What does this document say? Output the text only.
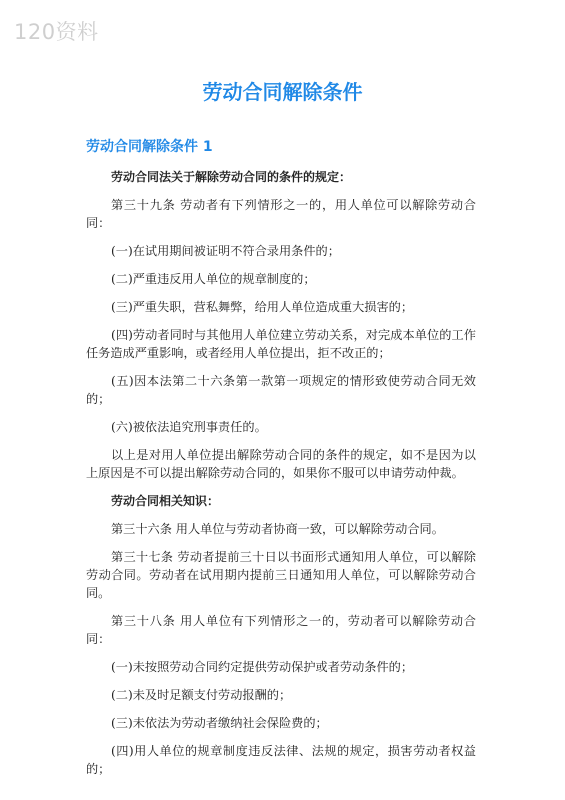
120资料
劳动合同解除条件
劳动合同解除条件 1

劳动合同法关于解除劳动合同的条件的规定：

第三十九条 劳动者有下列情形之一的，用人单位可以解除劳动合同：

(一)在试用期间被证明不符合录用条件的；

(二)严重违反用人单位的规章制度的；

(三)严重失职，营私舞弊，给用人单位造成重大损害的；

(四)劳动者同时与其他用人单位建立劳动关系，对完成本单位的工作任务造成严重影响，或者经用人单位提出，拒不改正的；

(五)因本法第二十六条第一款第一项规定的情形致使劳动合同无效的；

(六)被依法追究刑事责任的。

以上是对用人单位提出解除劳动合同的条件的规定，如不是因为以上原因是不可以提出解除劳动合同的，如果你不服可以申请劳动仲裁。

劳动合同相关知识：

第三十六条 用人单位与劳动者协商一致，可以解除劳动合同。

第三十七条 劳动者提前三十日以书面形式通知用人单位，可以解除劳动合同。劳动者在试用期内提前三日通知用人单位，可以解除劳动合同。

第三十八条 用人单位有下列情形之一的，劳动者可以解除劳动合同：

(一)未按照劳动合同约定提供劳动保护或者劳动条件的；

(二)未及时足额支付劳动报酬的；

(三)未依法为劳动者缴纳社会保险费的；

(四)用人单位的规章制度违反法律、法规的规定，损害劳动者权益的；
